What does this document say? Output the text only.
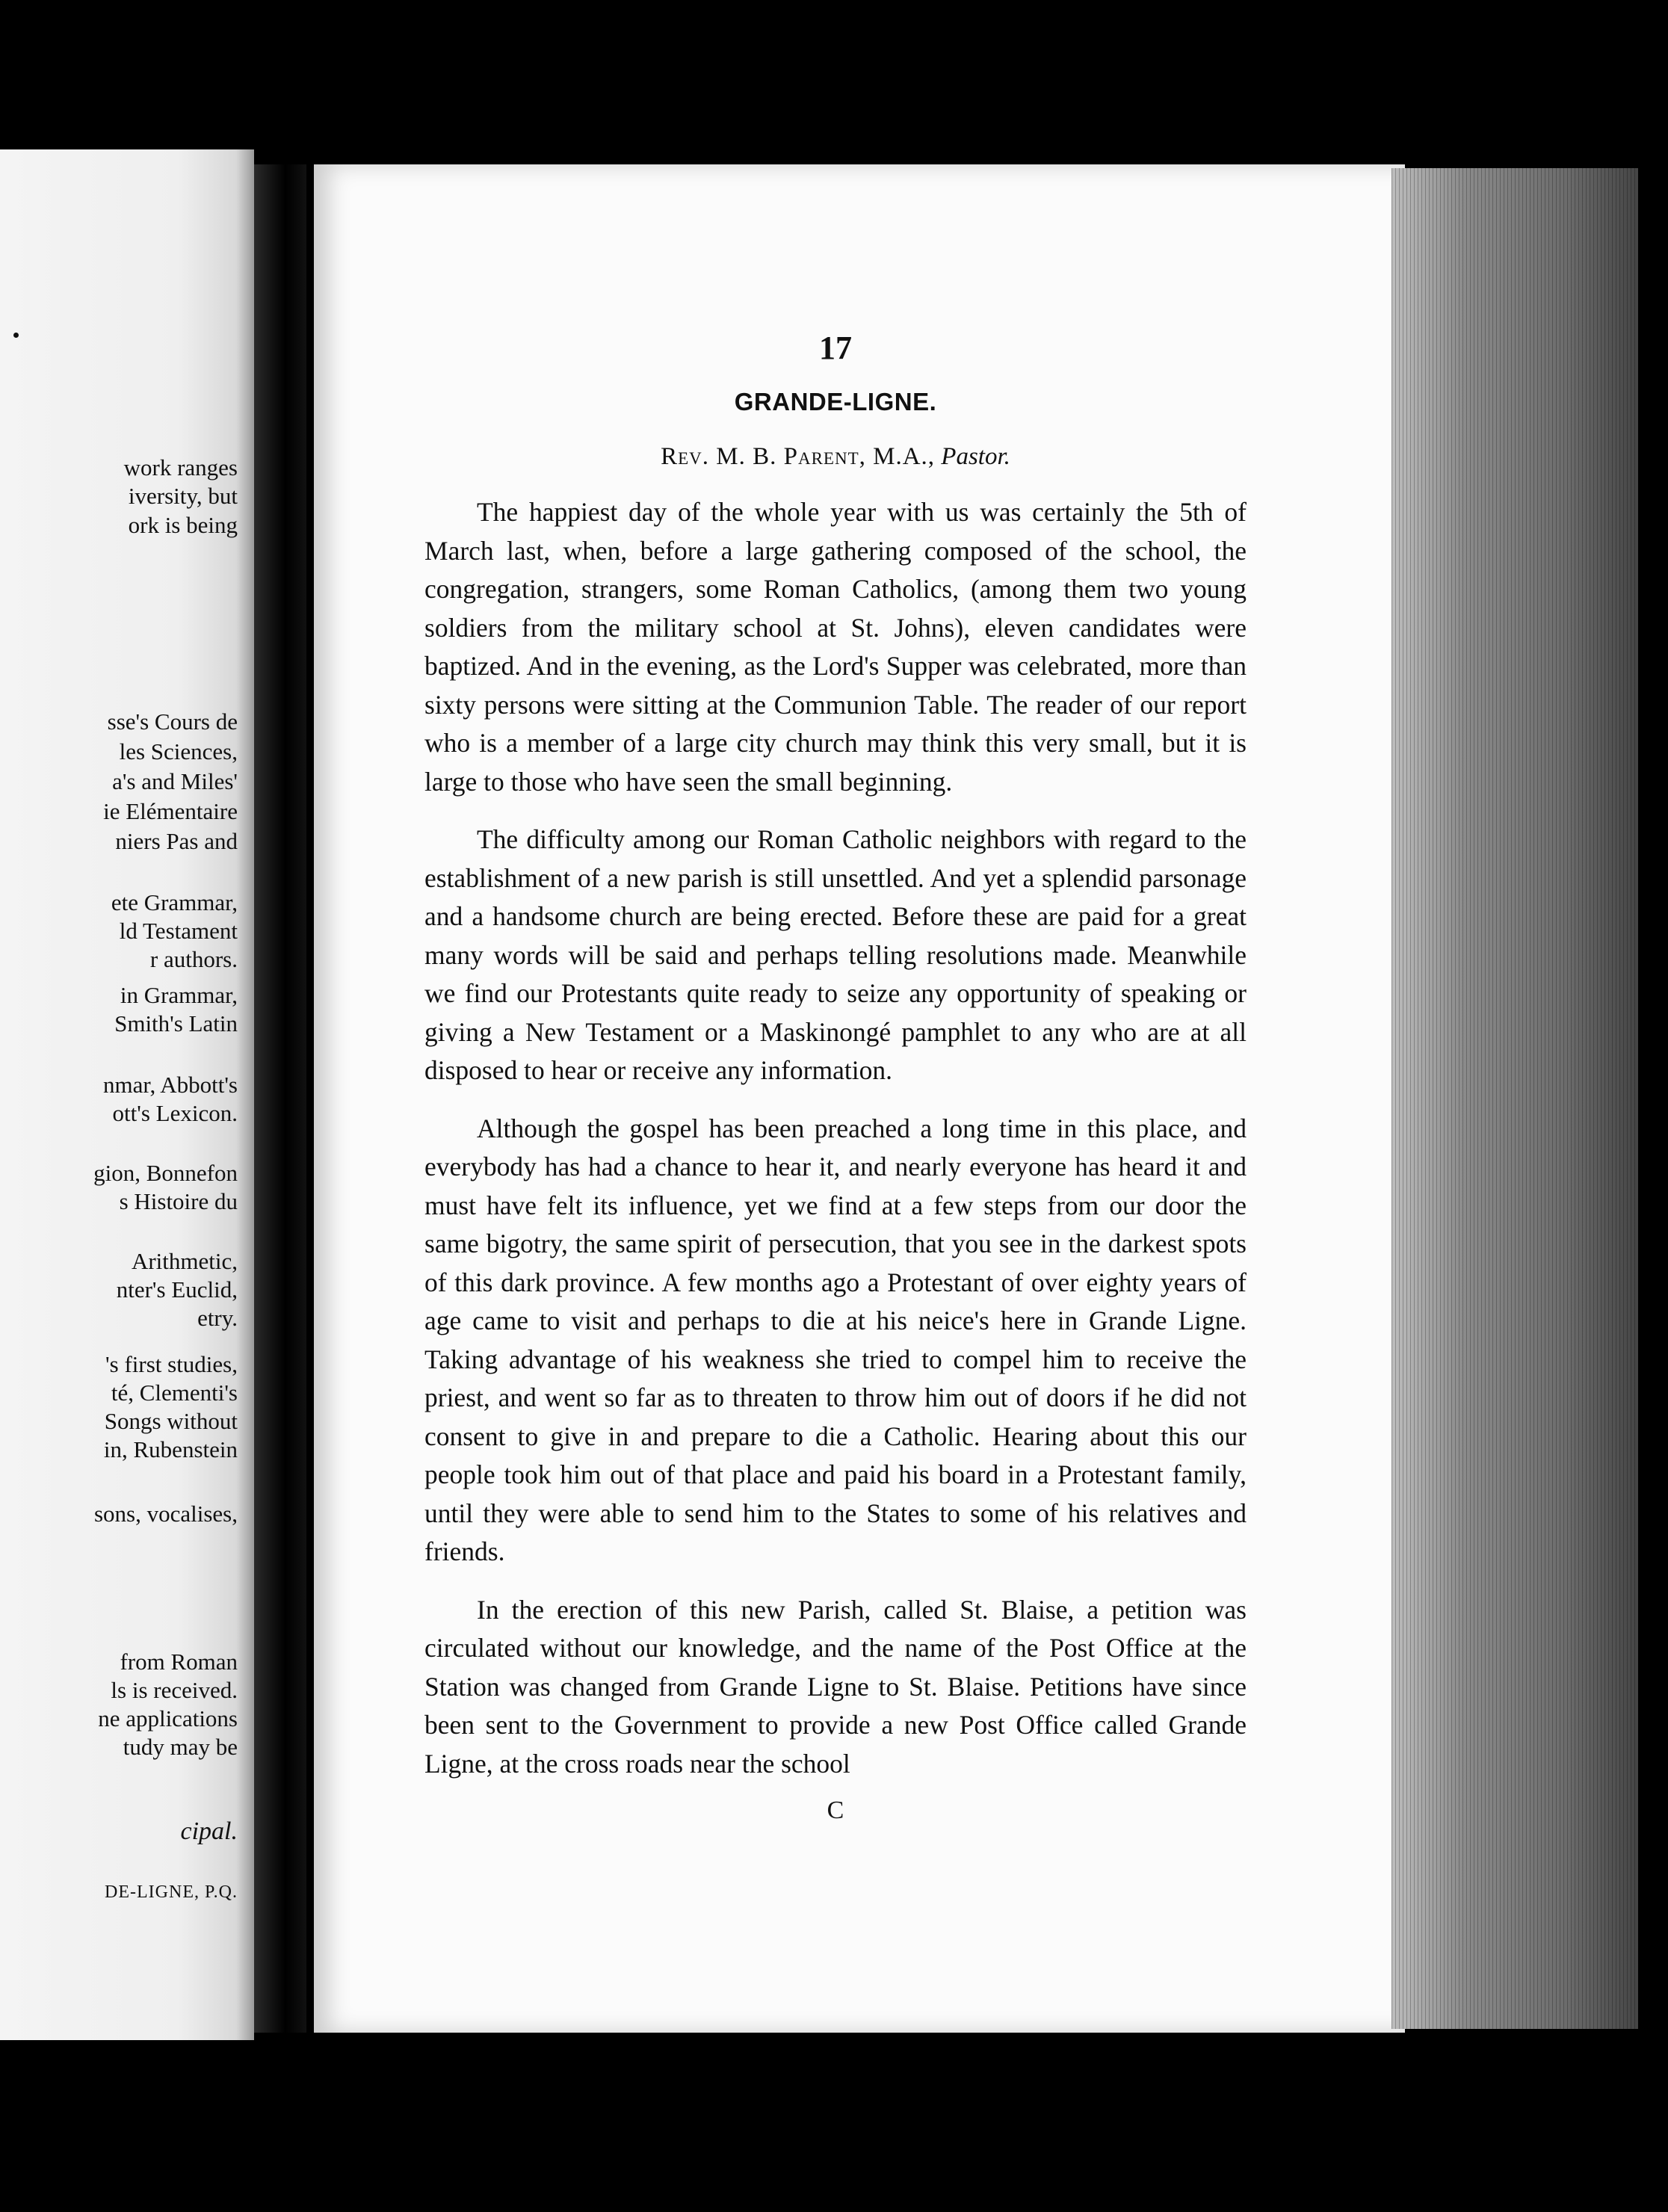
work ranges
iversity, but
ork is being
sse's Cours de
les Sciences,
a's and Miles'
ie Elémentaire
niers Pas and
ete Grammar,
ld Testament
r authors.
in Grammar,
Smith's Latin
nmar, Abbott's
ott's Lexicon.
gion, Bonnefon
s Histoire du
Arithmetic,
nter's Euclid,
etry.
's first studies,
té, Clementi's
Songs without
in, Rubenstein
sons, vocalises,
from Roman
ls is received.
ne applications
tudy may be
cipal.
DE-LIGNE, P.Q.
17
GRANDE-LIGNE.
Rev. M. B. Parent, M.A., Pastor.

The happiest day of the whole year with us was certainly the 5th of March last, when, before a large gathering composed of the school, the congregation, strangers, some Roman Catholics, (among them two young soldiers from the military school at St. Johns), eleven candidates were baptized. And in the evening, as the Lord's Supper was celebrated, more than sixty persons were sitting at the Communion Table. The reader of our report who is a member of a large city church may think this very small, but it is large to those who have seen the small beginning.

The difficulty among our Roman Catholic neighbors with regard to the establishment of a new parish is still unsettled. And yet a splendid parsonage and a handsome church are being erected. Before these are paid for a great many words will be said and perhaps telling resolutions made. Meanwhile we find our Protestants quite ready to seize any opportunity of speaking or giving a New Testament or a Maskinongé pamphlet to any who are at all disposed to hear or receive any information.

Although the gospel has been preached a long time in this place, and everybody has had a chance to hear it, and nearly everyone has heard it and must have felt its influence, yet we find at a few steps from our door the same bigotry, the same spirit of persecution, that you see in the darkest spots of this dark province. A few months ago a Protestant of over eighty years of age came to visit and perhaps to die at his neice's here in Grande Ligne. Taking advantage of his weakness she tried to compel him to receive the priest, and went so far as to threaten to throw him out of doors if he did not consent to give in and prepare to die a Catholic. Hearing about this our people took him out of that place and paid his board in a Protestant family, until they were able to send him to the States to some of his relatives and friends.

In the erection of this new Parish, called St. Blaise, a petition was circulated without our knowledge, and the name of the Post Office at the Station was changed from Grande Ligne to St. Blaise. Petitions have since been sent to the Government to provide a new Post Office called Grande Ligne, at the cross roads near the school

C
